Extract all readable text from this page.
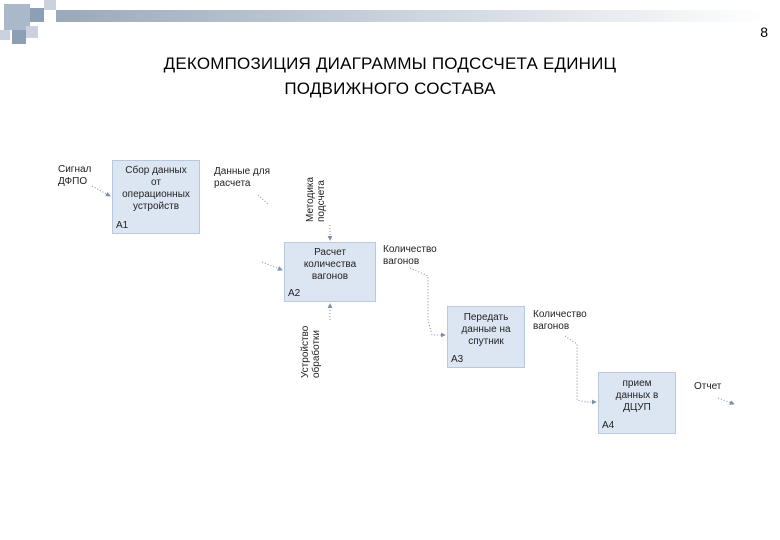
8
ДЕКОМПОЗИЦИЯ ДИАГРАММЫ ПОДССЧЕТА ЕДИНИЦ
ПОДВИЖНОГО СОСТАВА
Сбор данных
от
операционных
устройств
A1
Расчет
количества
вагонов
A2
Передать
данные на
спутник
A3
прием
данных в
ДЦУП
A4
Сигнал
ДФПО
Данные для
расчета
Количество
вагонов
Количество
вагонов
Отчет
Методика подсчета
Устройство обработки
